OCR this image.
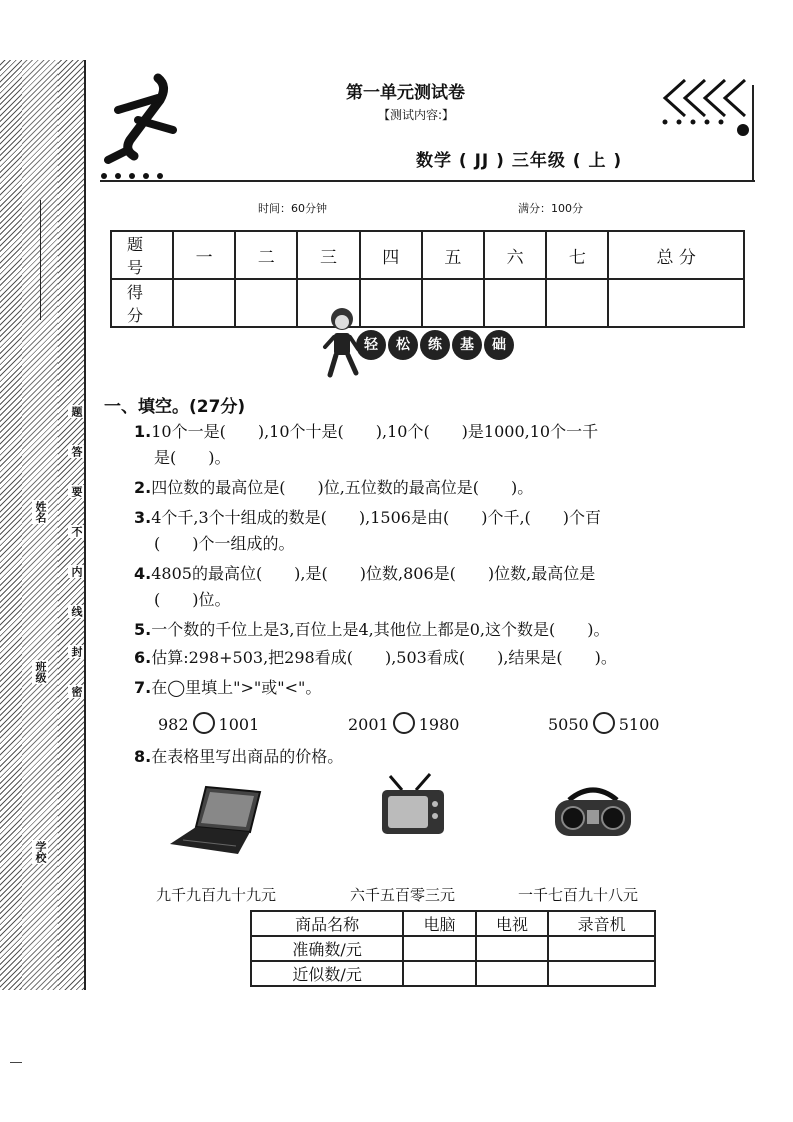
姓名
班级
学校
题
答
要
不
内
线
封
密
第一单元测试卷
【测试内容:】
数学 ( JJ ) 三年级 ( 上 )
时间：60分钟	满分：100分
题 号	一	二	三	四	五	六	七	总 分
得 分								
轻 松 练 基 础
一、填空。(27分)
1.10个一是(　　),10个十是(　　),10个(　　)是1000,10个一千
是(　　)。
2.四位数的最高位是(　　)位,五位数的最高位是(　　)。
3.4个千,3个十组成的数是(　　),1506是由(　　)个千,(　　)个百
(　　)个一组成的。
4.4805的最高位(　　),是(　　)位数,806是(　　)位数,最高位是
(　　)位。
5.一个数的千位上是3,百位上是4,其他位上都是0,这个数是(　　)。
6.估算:298+503,把298看成(　　),503看成(　　),结果是(　　)。
7.在◯里填上">"或"<"。
982 1001	2001 1980	5050 5100
8.在表格里写出商品的价格。
九千九百九十九元	六千五百零三元	一千七百九十八元
商品名称	电脑	电视	录音机
准确数/元			
近似数/元			
